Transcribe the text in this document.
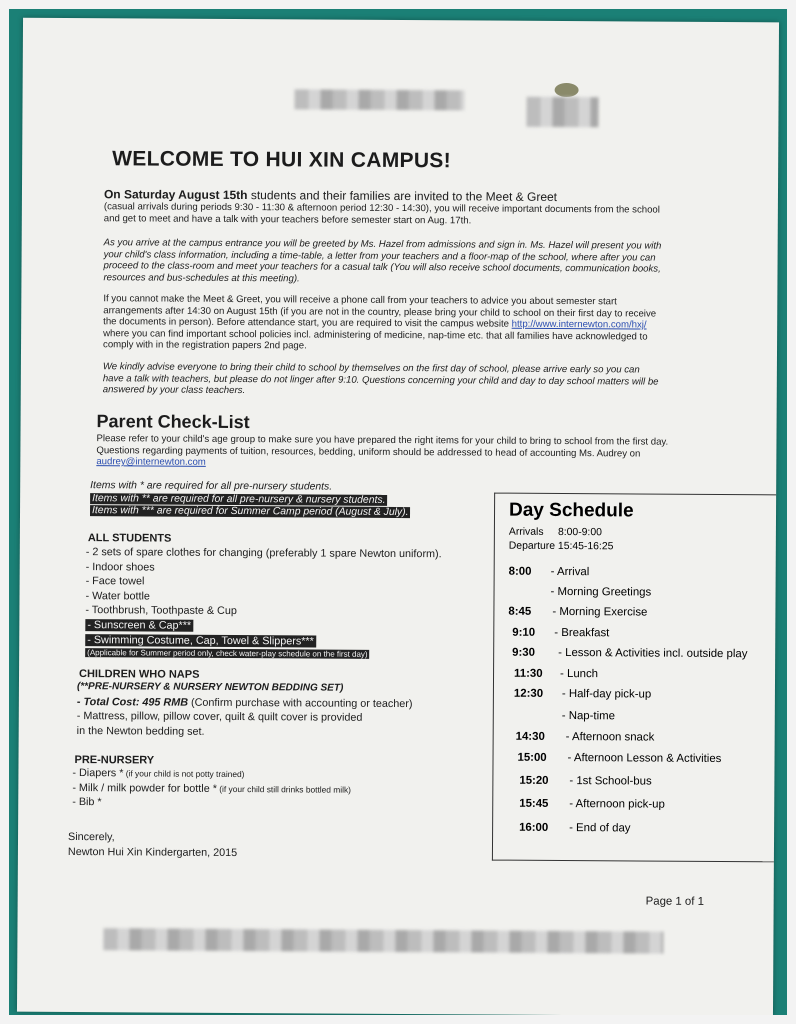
WELCOME TO HUI XIN CAMPUS!

On Saturday August 15th students and their families are invited to the Meet & Greet

(casual arrivals during periods 9:30 - 11:30 & afternoon period 12:30 - 14:30), you will receive important documents from the school and get to meet and have a talk with your teachers before semester start on Aug. 17th.

As you arrive at the campus entrance you will be greeted by Ms. Hazel from admissions and sign in. Ms. Hazel will present you with your child's class information, including a time-table, a letter from your teachers and a floor-map of the school, where after you can proceed to the class-room and meet your teachers for a casual talk (You will also receive school documents, communication books, resources and bus-schedules at this meeting).

If you cannot make the Meet & Greet, you will receive a phone call from your teachers to advice you about semester start arrangements after 14:30 on August 15th (if you are not in the country, please bring your child to school on their first day to receive the documents in person). Before attendance start, you are required to visit the campus website http://www.internewton.com/hxj/ where you can find important school policies incl. administering of medicine, nap-time etc. that all families have acknowledged to comply with in the registration papers 2nd page.

We kindly advise everyone to bring their child to school by themselves on the first day of school, please arrive early so you can have a talk with teachers, but please do not linger after 9:10. Questions concerning your child and day to day school matters will be answered by your class teachers.

Parent Check-List

Please refer to your child's age group to make sure you have prepared the right items for your child to bring to school from the first day. Questions regarding payments of tuition, resources, bedding, uniform should be addressed to head of accounting Ms. Audrey on audrey@internewton.com

Items with * are required for all pre-nursery students.
Items with ** are required for all pre-nursery & nursery students.
Items with *** are required for Summer Camp period (August & July).
ALL STUDENTS
- 2 sets of spare clothes for changing (preferably 1 spare Newton uniform).
- Indoor shoes
- Face towel
- Water bottle
- Toothbrush, Toothpaste & Cup
- Sunscreen & Cap***
- Swimming Costume, Cap, Towel & Slippers***
(Applicable for Summer period only, check water-play schedule on the first day)
CHILDREN WHO NAPS
(**PRE-NURSERY & NURSERY NEWTON BEDDING SET)
- Total Cost: 495 RMB (Confirm purchase with accounting or teacher)
- Mattress, pillow, pillow cover, quilt & quilt cover is provided
in the Newton bedding set.
PRE-NURSERY
- Diapers * (if your child is not potty trained)
- Milk / milk powder for bottle * (if your child still drinks bottled milk)
- Bib *
Sincerely,
Newton Hui Xin Kindergarten, 2015
Day Schedule
Arrivals 8:00-9:00
Departure 15:45-16:25
8:00 - Arrival
- Morning Greetings
8:45 - Morning Exercise
9:10 - Breakfast
9:30 - Lesson & Activities incl. outside play
11:30 - Lunch
12:30 - Half-day pick-up
- Nap-time
14:30 - Afternoon snack
15:00 - Afternoon Lesson & Activities
15:20 - 1st School-bus
15:45 - Afternoon pick-up
16:00 - End of day
Page 1 of 1
